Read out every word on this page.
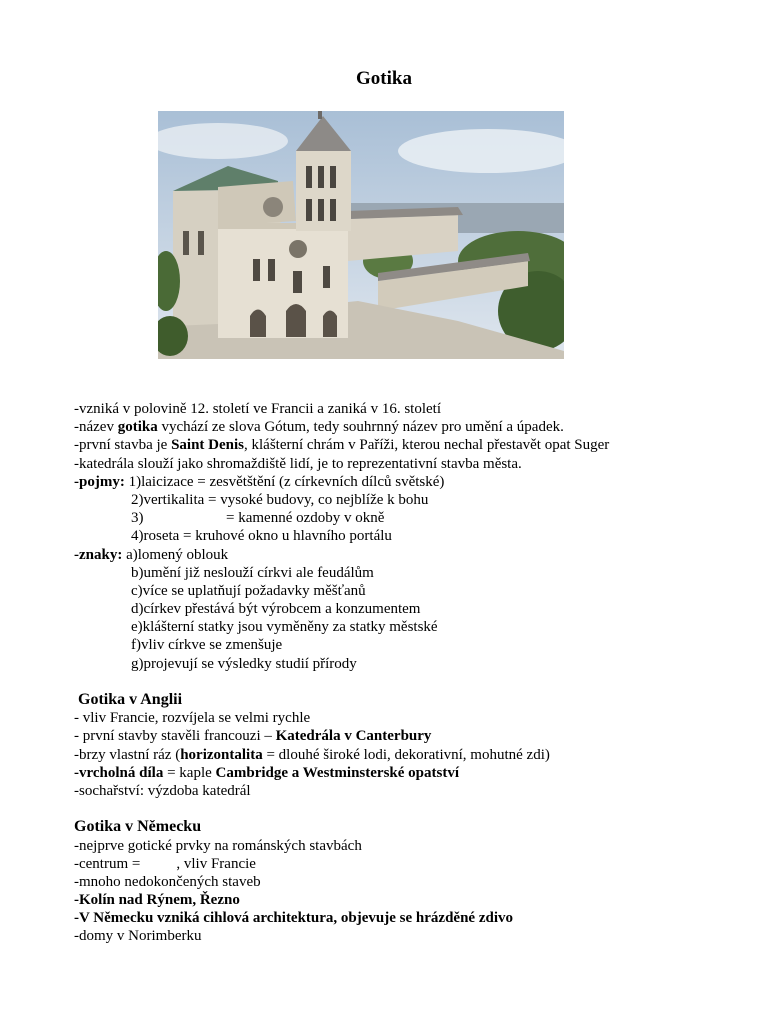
Gotika
-vzniká v polovině 12. století ve Francii a zaniká v 16. století
-název gotika vychází ze slova Gótum, tedy souhrnný název pro umění a úpadek.
-první stavba je Saint Denis, klášterní chrám v Paříži, kterou nechal přestavět opat Suger
-katedrála slouží jako shromaždiště lidí, je to reprezentativní stavba města.
-pojmy: 1)laicizace = zesvětštění (z církevních dílců světské)
2)vertikalita = vysoké budovy, co nejblíže k bohu
3)	= kamenné ozdoby v okně
4)roseta = kruhové okno u hlavního portálu
-znaky: a)lomený oblouk
b)umění již neslouží církvi ale feudálům
c)více se uplatňují požadavky měšťanů
d)církev přestává být výrobcem a konzumentem
e)klášterní statky jsou vyměněny za statky městské
f)vliv církve se zmenšuje
g)projevují se výsledky studií přírody
Gotika v Anglii
- vliv Francie, rozvíjela se velmi rychle
- první stavby stavěli francouzi – Katedrála v Canterbury
-brzy vlastní ráz (horizontalita = dlouhé široké lodi, dekorativní, mohutné zdi)
-vrcholná díla = kaple Cambridge a Westminsterské opatství
-sochařství: výzdoba katedrál
Gotika v Německu
-nejprve gotické prvky na románských stavbách
-centrum = , vliv Francie
-mnoho nedokončených staveb
-Kolín nad Rýnem, Řezno
-V Německu vzniká cihlová architektura, objevuje se hrázděné zdivo
-domy v Norimberku
